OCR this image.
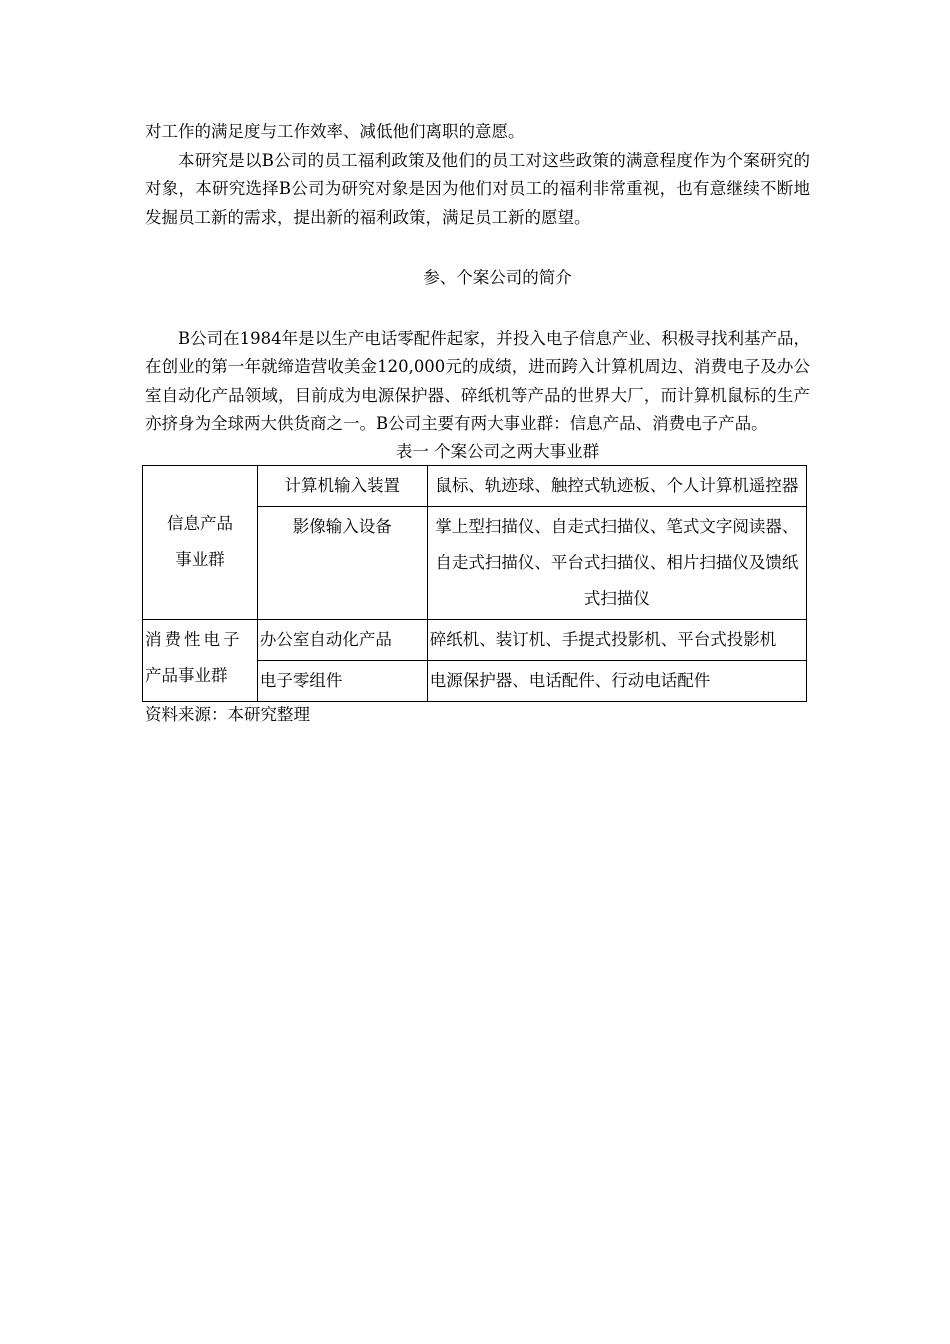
对工作的满足度与工作效率、减低他们离职的意愿。

本研究是以B公司的员工福利政策及他们的员工对这些政策的满意程度作为个案研究的对象，本研究选择B公司为研究对象是因为他们对员工的福利非常重视，也有意继续不断地发掘员工新的需求，提出新的福利政策，满足员工新的愿望。

参、个案公司的简介

B公司在1984年是以生产电话零配件起家，并投入电子信息产业、积极寻找利基产品，在创业的第一年就缔造营收美金120,000元的成绩，进而跨入计算机周边、消费电子及办公室自动化产品领域，目前成为电源保护器、碎纸机等产品的世界大厂，而计算机鼠标的生产亦挤身为全球两大供货商之一。B公司主要有两大事业群：信息产品、消费电子产品。

表一 个案公司之两大事业群

信息产品
事业群	计算机输入装置	鼠标、轨迹球、触控式轨迹板、个人计算机遥控器
	影像输入设备	掌上型扫描仪、自走式扫描仪、笔式文字阅读器、自走式扫描仪、平台式扫描仪、相片扫描仪及馈纸式扫描仪

消费性电子
产品事业群	办公室自动化产品	碎纸机、装订机、手提式投影机、平台式投影机
	电子零组件	电源保护器、电话配件、行动电话配件

资料来源：本研究整理
